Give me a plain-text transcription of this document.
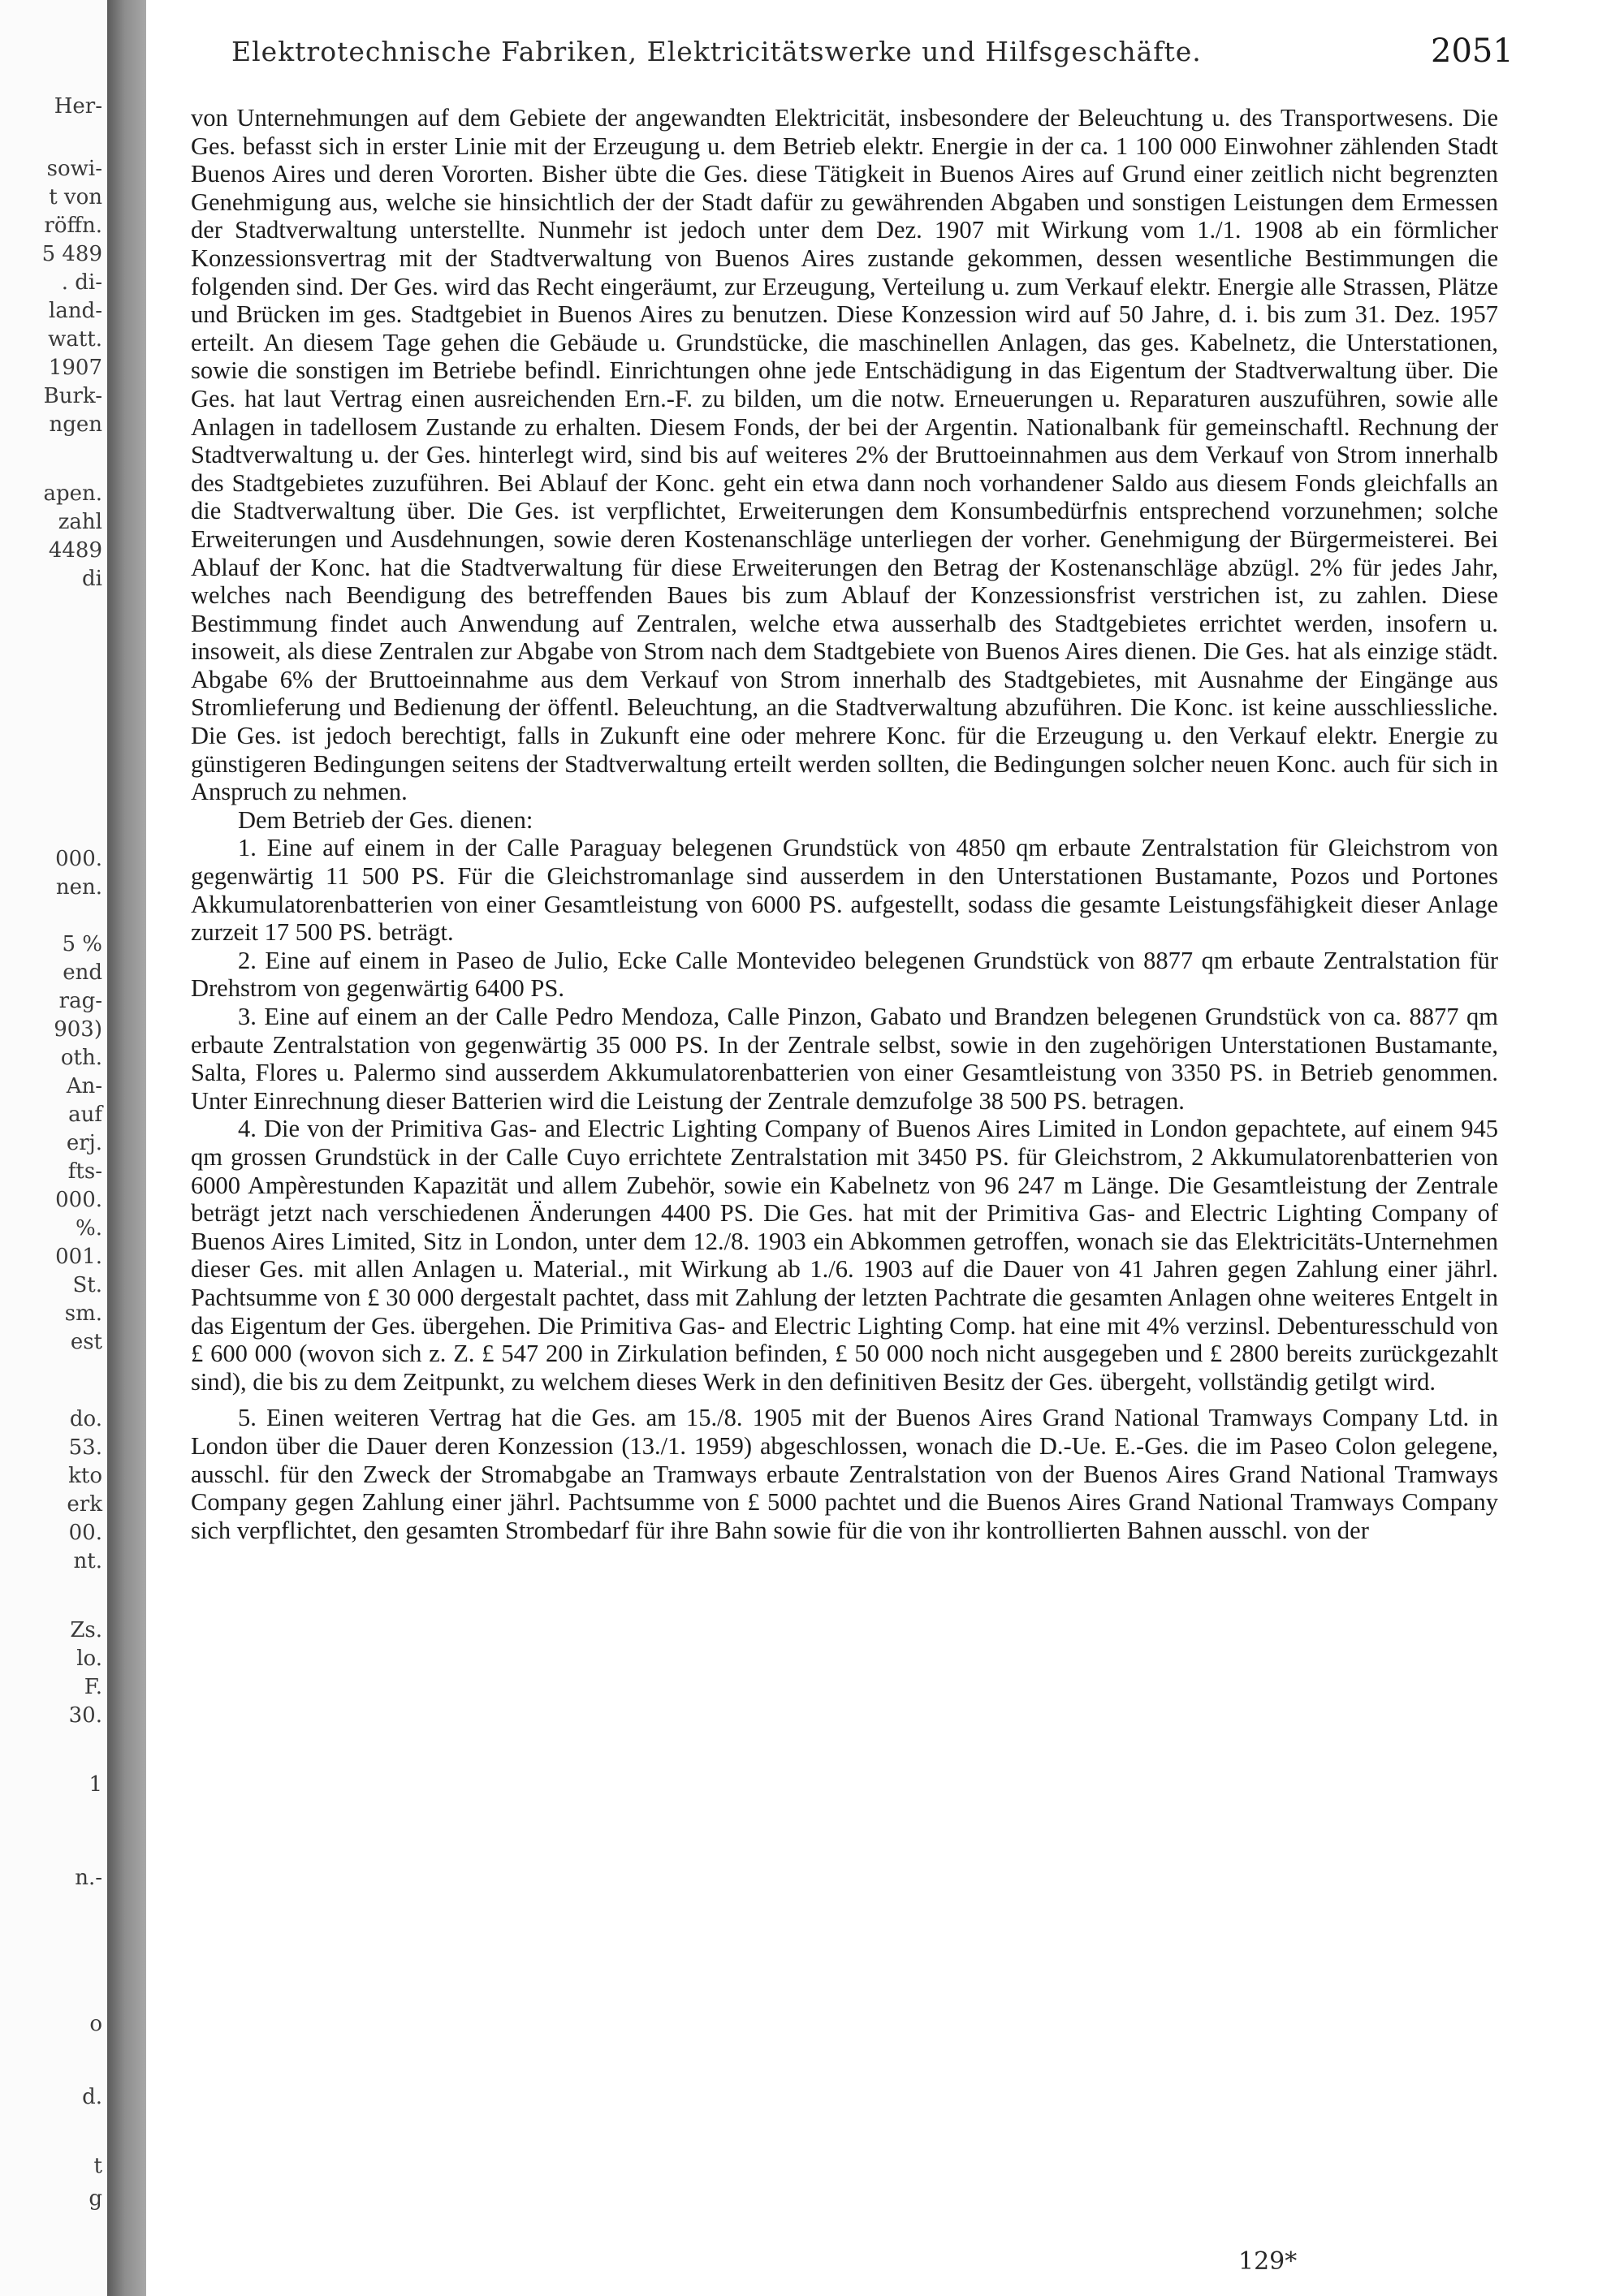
Her-
sowi-
t von
röffn.
5 489
. di-
land-
watt.
1907
Burk-
ngen
apen.
zahl
4489
di
000.
nen.
5 %
end
rag-
903)
oth.
An-
auf
erj.
fts-
000.
%.
001.
St.
sm.
est
do.
53.
kto
erk
00.
nt.
Zs.
lo.
F.
30.
1
n.-
o
d.
t
g
Elektrotechnische Fabriken, Elektricitätswerke und Hilfsgeschäfte.	2051

von Unternehmungen auf dem Gebiete der angewandten Elektricität, insbesondere der Beleuchtung u. des Transportwesens. Die Ges. befasst sich in erster Linie mit der Erzeugung u. dem Betrieb elektr. Energie in der ca. 1 100 000 Einwohner zählenden Stadt Buenos Aires und deren Vororten. Bisher übte die Ges. diese Tätigkeit in Buenos Aires auf Grund einer zeitlich nicht begrenzten Genehmigung aus, welche sie hinsichtlich der der Stadt dafür zu gewährenden Abgaben und sonstigen Leistungen dem Ermessen der Stadtverwaltung unterstellte. Nunmehr ist jedoch unter dem Dez. 1907 mit Wirkung vom 1./1. 1908 ab ein förmlicher Konzessionsvertrag mit der Stadtverwaltung von Buenos Aires zustande gekommen, dessen wesentliche Bestimmungen die folgenden sind. Der Ges. wird das Recht eingeräumt, zur Erzeugung, Verteilung u. zum Verkauf elektr. Energie alle Strassen, Plätze und Brücken im ges. Stadtgebiet in Buenos Aires zu benutzen. Diese Konzession wird auf 50 Jahre, d. i. bis zum 31. Dez. 1957 erteilt. An diesem Tage gehen die Gebäude u. Grundstücke, die maschinellen Anlagen, das ges. Kabelnetz, die Unterstationen, sowie die sonstigen im Betriebe befindl. Einrichtungen ohne jede Entschädigung in das Eigentum der Stadtverwaltung über. Die Ges. hat laut Vertrag einen ausreichenden Ern.-F. zu bilden, um die notw. Erneuerungen u. Reparaturen auszuführen, sowie alle Anlagen in tadellosem Zustande zu erhalten. Diesem Fonds, der bei der Argentin. Nationalbank für gemeinschaftl. Rechnung der Stadtverwaltung u. der Ges. hinterlegt wird, sind bis auf weiteres 2% der Bruttoeinnahmen aus dem Verkauf von Strom innerhalb des Stadtgebietes zuzuführen. Bei Ablauf der Konc. geht ein etwa dann noch vorhandener Saldo aus diesem Fonds gleichfalls an die Stadtverwaltung über. Die Ges. ist verpflichtet, Erweiterungen dem Konsumbedürfnis entsprechend vorzunehmen; solche Erweiterungen und Ausdehnungen, sowie deren Kostenanschläge unterliegen der vorher. Genehmigung der Bürgermeisterei. Bei Ablauf der Konc. hat die Stadtverwaltung für diese Erweiterungen den Betrag der Kostenanschläge abzügl. 2% für jedes Jahr, welches nach Beendigung des betreffenden Baues bis zum Ablauf der Konzessionsfrist verstrichen ist, zu zahlen. Diese Bestimmung findet auch Anwendung auf Zentralen, welche etwa ausserhalb des Stadtgebietes errichtet werden, insofern u. insoweit, als diese Zentralen zur Abgabe von Strom nach dem Stadtgebiete von Buenos Aires dienen. Die Ges. hat als einzige städt. Abgabe 6% der Bruttoeinnahme aus dem Verkauf von Strom innerhalb des Stadtgebietes, mit Ausnahme der Eingänge aus Stromlieferung und Bedienung der öffentl. Beleuchtung, an die Stadtverwaltung abzuführen. Die Konc. ist keine ausschliessliche. Die Ges. ist jedoch berechtigt, falls in Zukunft eine oder mehrere Konc. für die Erzeugung u. den Verkauf elektr. Energie zu günstigeren Bedingungen seitens der Stadtverwaltung erteilt werden sollten, die Bedingungen solcher neuen Konc. auch für sich in Anspruch zu nehmen.

Dem Betrieb der Ges. dienen:

1. Eine auf einem in der Calle Paraguay belegenen Grundstück von 4850 qm erbaute Zentralstation für Gleichstrom von gegenwärtig 11 500 PS. Für die Gleichstromanlage sind ausserdem in den Unterstationen Bustamante, Pozos und Portones Akkumulatorenbatterien von einer Gesamtleistung von 6000 PS. aufgestellt, sodass die gesamte Leistungsfähigkeit dieser Anlage zurzeit 17 500 PS. beträgt.

2. Eine auf einem in Paseo de Julio, Ecke Calle Montevideo belegenen Grundstück von 8877 qm erbaute Zentralstation für Drehstrom von gegenwärtig 6400 PS.

3. Eine auf einem an der Calle Pedro Mendoza, Calle Pinzon, Gabato und Brandzen belegenen Grundstück von ca. 8877 qm erbaute Zentralstation von gegenwärtig 35 000 PS. In der Zentrale selbst, sowie in den zugehörigen Unterstationen Bustamante, Salta, Flores u. Palermo sind ausserdem Akkumulatorenbatterien von einer Gesamtleistung von 3350 PS. in Betrieb genommen. Unter Einrechnung dieser Batterien wird die Leistung der Zentrale demzufolge 38 500 PS. betragen.

4. Die von der Primitiva Gas- and Electric Lighting Company of Buenos Aires Limited in London gepachtete, auf einem 945 qm grossen Grundstück in der Calle Cuyo errichtete Zentralstation mit 3450 PS. für Gleichstrom, 2 Akkumulatorenbatterien von 6000 Ampèrestunden Kapazität und allem Zubehör, sowie ein Kabelnetz von 96 247 m Länge. Die Gesamtleistung der Zentrale beträgt jetzt nach verschiedenen Änderungen 4400 PS. Die Ges. hat mit der Primitiva Gas- and Electric Lighting Company of Buenos Aires Limited, Sitz in London, unter dem 12./8. 1903 ein Abkommen getroffen, wonach sie das Elektricitäts-Unternehmen dieser Ges. mit allen Anlagen u. Material., mit Wirkung ab 1./6. 1903 auf die Dauer von 41 Jahren gegen Zahlung einer jährl. Pachtsumme von £ 30 000 dergestalt pachtet, dass mit Zahlung der letzten Pachtrate die gesamten Anlagen ohne weiteres Entgelt in das Eigentum der Ges. übergehen. Die Primitiva Gas- and Electric Lighting Comp. hat eine mit 4% verzinsl. Debenturesschuld von £ 600 000 (wovon sich z. Z. £ 547 200 in Zirkulation befinden, £ 50 000 noch nicht ausgegeben und £ 2800 bereits zurückgezahlt sind), die bis zu dem Zeitpunkt, zu welchem dieses Werk in den definitiven Besitz der Ges. übergeht, vollständig getilgt wird.

5. Einen weiteren Vertrag hat die Ges. am 15./8. 1905 mit der Buenos Aires Grand National Tramways Company Ltd. in London über die Dauer deren Konzession (13./1. 1959) abgeschlossen, wonach die D.-Ue. E.-Ges. die im Paseo Colon gelegene, ausschl. für den Zweck der Stromabgabe an Tramways erbaute Zentralstation von der Buenos Aires Grand National Tramways Company gegen Zahlung einer jährl. Pachtsumme von £ 5000 pachtet und die Buenos Aires Grand National Tramways Company sich verpflichtet, den gesamten Strombedarf für ihre Bahn sowie für die von ihr kontrollierten Bahnen ausschl. von der

129*
